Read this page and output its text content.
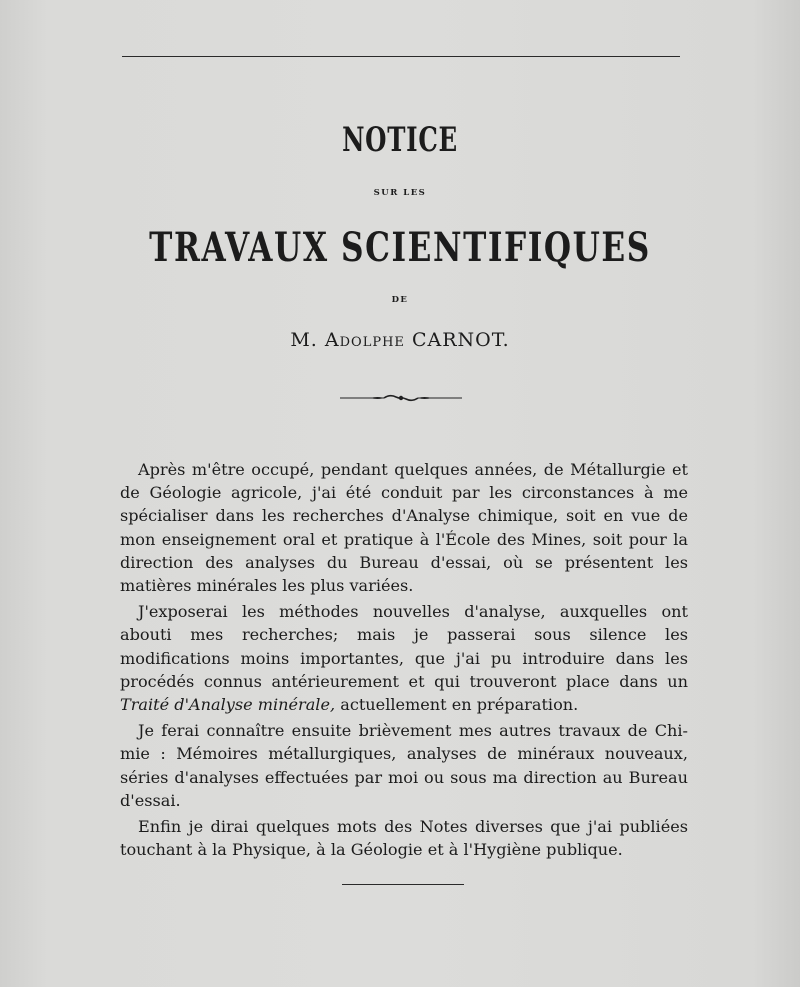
NOTICE
SUR LES
TRAVAUX SCIENTIFIQUES
DE
M. Adolphe CARNOT.

Après m'être occupé, pendant quelques années, de Métallurgie et de Géologie agricole, j'ai été conduit par les circonstances à me spécialiser dans les recherches d'Analyse chimique, soit en vue de mon enseignement oral et pratique à l'École des Mines, soit pour la direction des analyses du Bureau d'essai, où se présentent les matières minérales les plus variées.

J'exposerai les méthodes nouvelles d'analyse, auxquelles ont abouti mes recherches; mais je passerai sous silence les modifications moins importantes, que j'ai pu introduire dans les procédés connus antérieurement et qui trouveront place dans un Traité d'Analyse minérale, actuellement en préparation.

Je ferai connaître ensuite brièvement mes autres travaux de Chimie : Mémoires métallurgiques, analyses de minéraux nouveaux, séries d'analyses effectuées par moi ou sous ma direction au Bureau d'essai.

Enfin je dirai quelques mots des Notes diverses que j'ai publiées touchant à la Physique, à la Géologie et à l'Hygiène publique.
